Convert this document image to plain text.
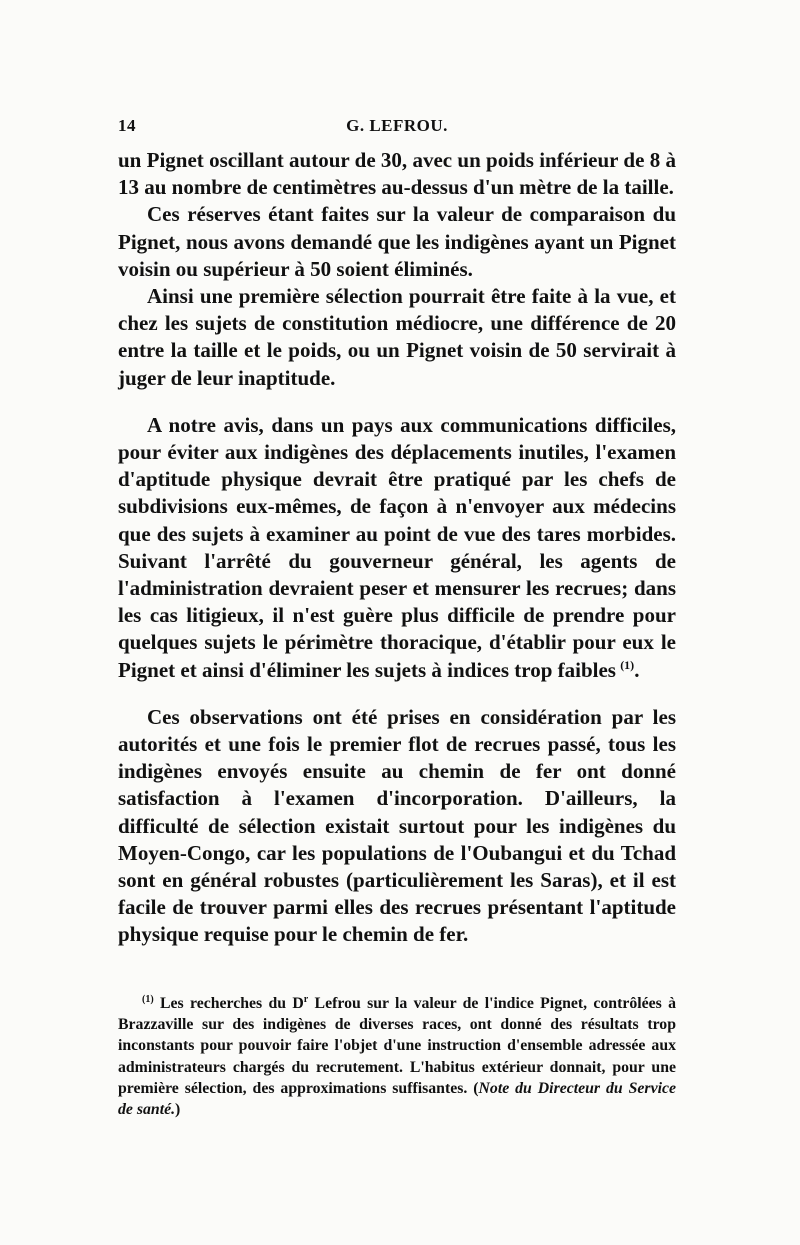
14	G. LEFROU.

un Pignet oscillant autour de 30, avec un poids inférieur de 8 à 13 au nombre de centimètres au-dessus d'un mètre de la taille.

Ces réserves étant faites sur la valeur de comparaison du Pignet, nous avons demandé que les indigènes ayant un Pignet voisin ou supérieur à 50 soient éliminés.

Ainsi une première sélection pourrait être faite à la vue, et chez les sujets de constitution médiocre, une différence de 20 entre la taille et le poids, ou un Pignet voisin de 50 servirait à juger de leur inaptitude.

A notre avis, dans un pays aux communications difficiles, pour éviter aux indigènes des déplacements inutiles, l'examen d'aptitude physique devrait être pratiqué par les chefs de subdivisions eux-mêmes, de façon à n'envoyer aux médecins que des sujets à examiner au point de vue des tares morbides. Suivant l'arrêté du gouverneur général, les agents de l'administration devraient peser et mensurer les recrues; dans les cas litigieux, il n'est guère plus difficile de prendre pour quelques sujets le périmètre thoracique, d'établir pour eux le Pignet et ainsi d'éliminer les sujets à indices trop faibles  $^{(1)}$.

Ces observations ont été prises en considération par les autorités et une fois le premier flot de recrues passé, tous les indigènes envoyés ensuite au chemin de fer ont donné satisfaction à l'examen d'incorporation. D'ailleurs, la difficulté de sélection existait surtout pour les indigènes du Moyen-Congo, car les populations de l'Oubangui et du Tchad sont en général robustes (particulièrement les Saras), et il est facile de trouver parmi elles des recrues présentant l'aptitude physique requise pour le chemin de fer.

$^{(1)}$ Les recherches du $D^r$ Lefrou sur la valeur de l'indice Pignet, contrôlées à Brazzaville sur des indigènes de diverses races, ont donné des résultats trop inconstants pour pouvoir faire l'objet d'une instruction d'ensemble adressée aux administrateurs chargés du recrutement. L'habitus extérieur donnait, pour une première sélection, des approximations suffisantes. (Note du Directeur du Service de santé.)
